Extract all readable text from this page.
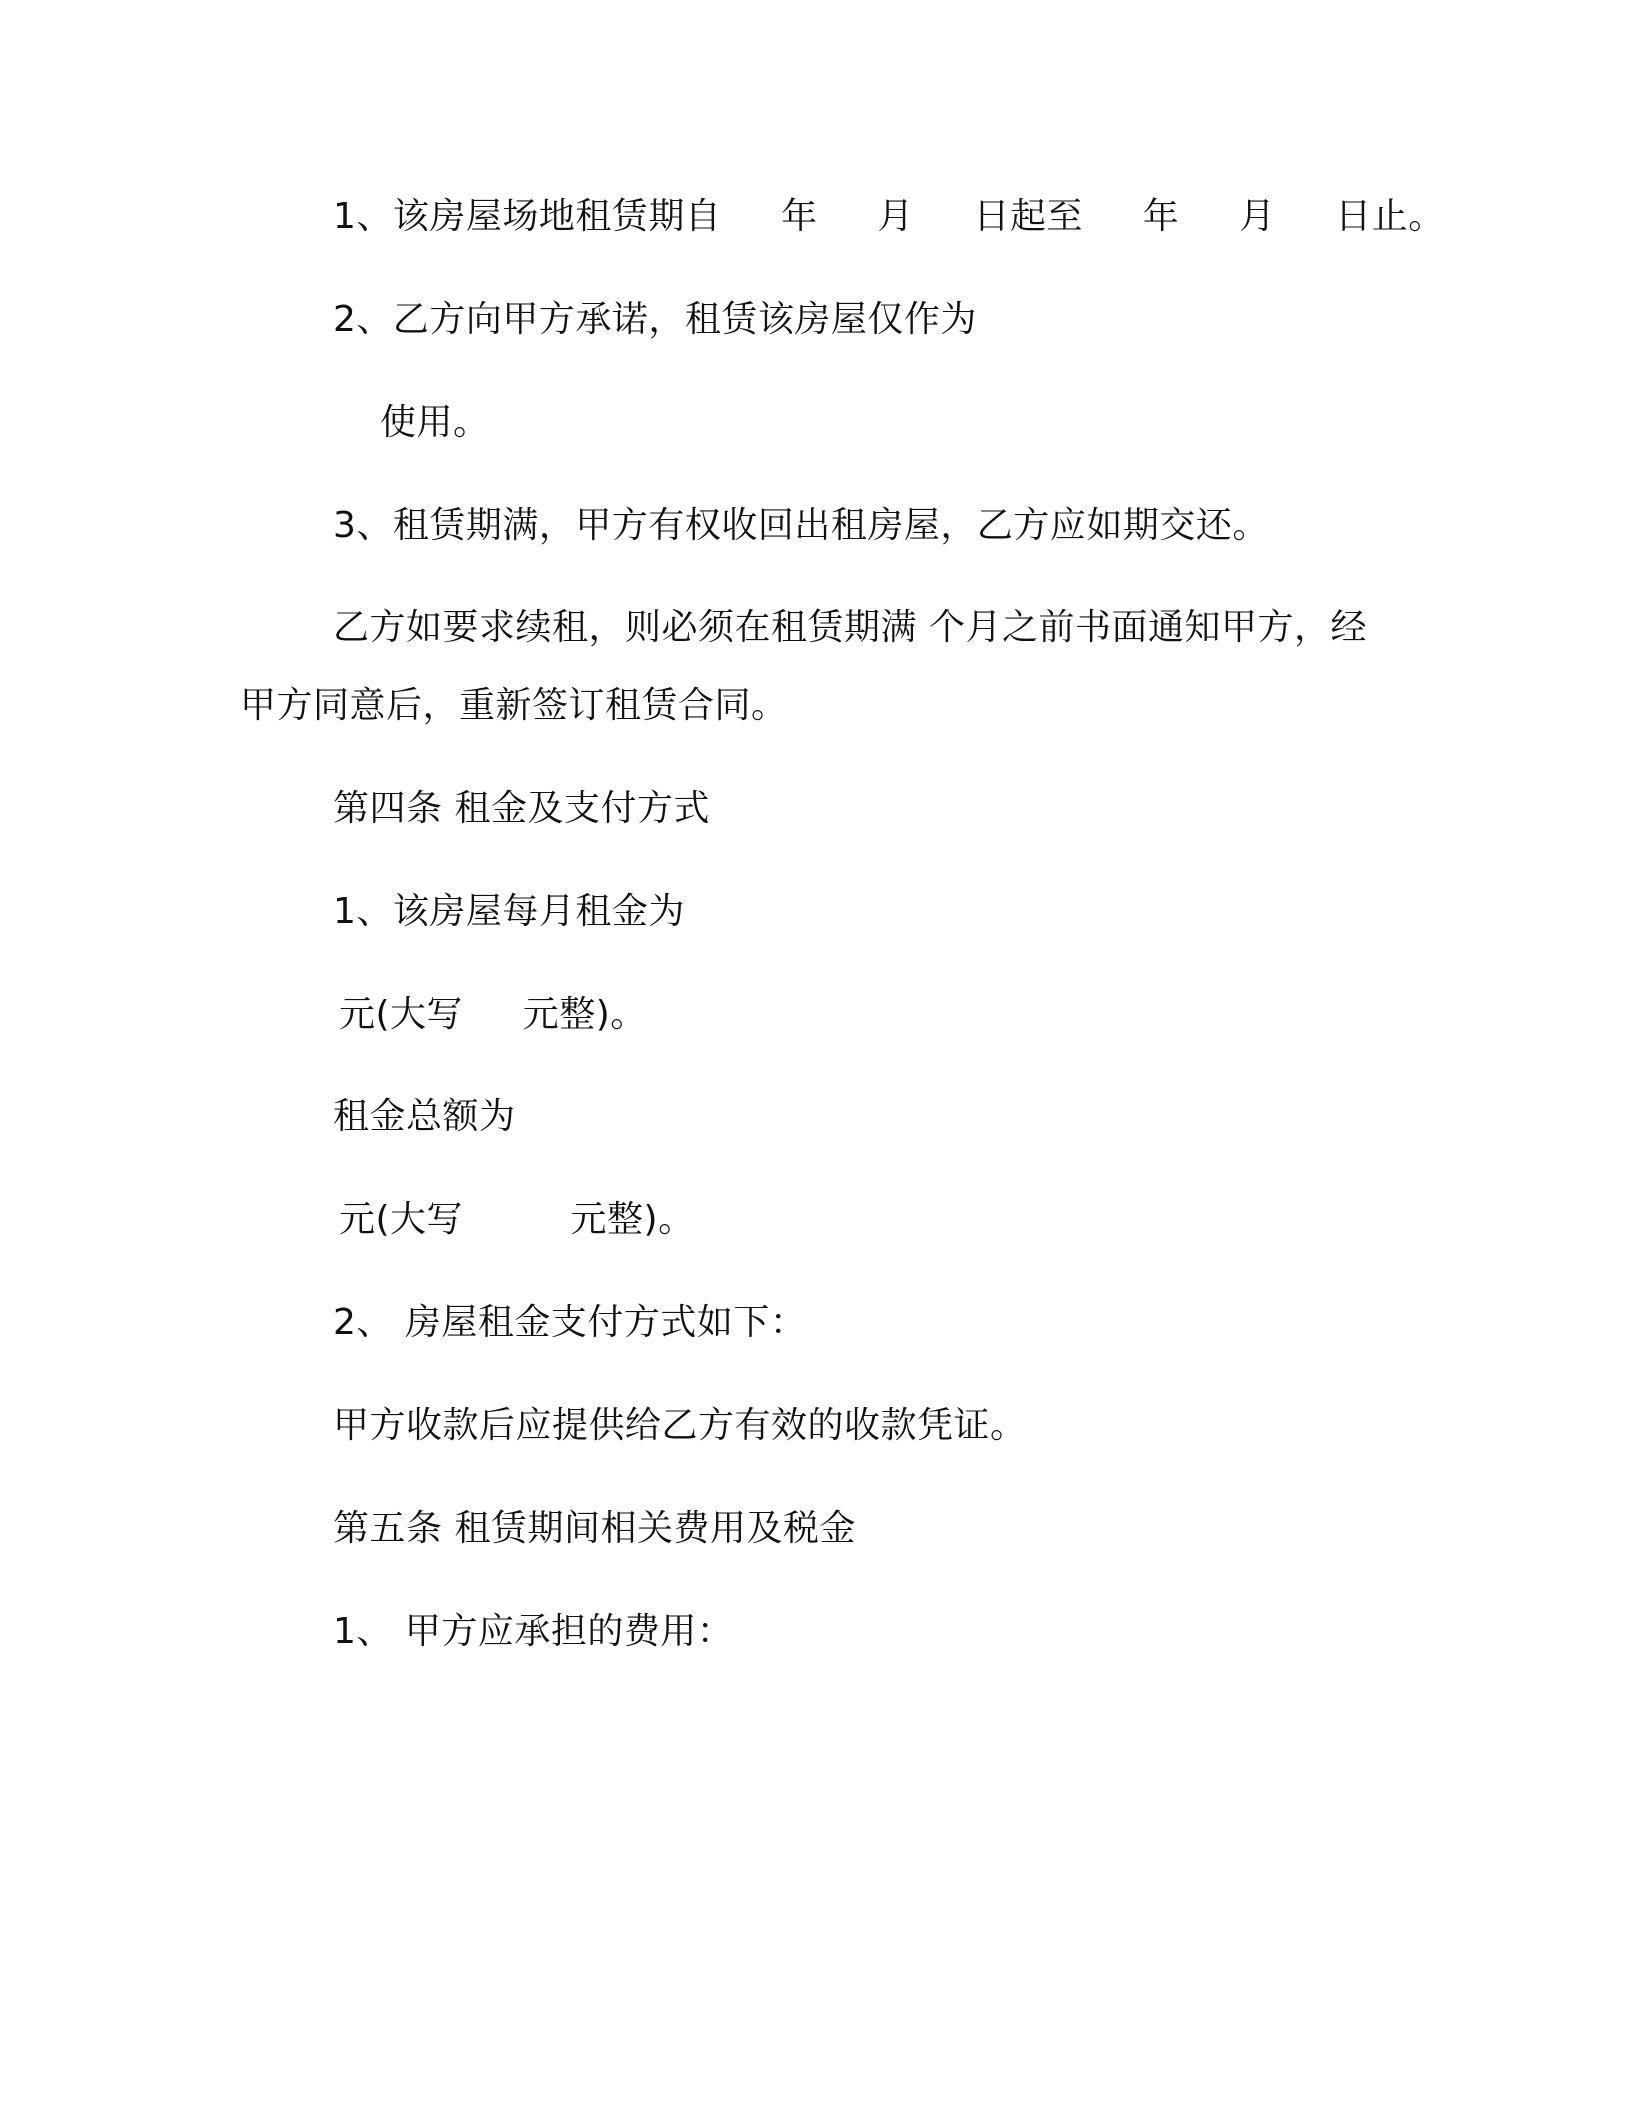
1、该房屋场地租赁期自     年     月     日起至     年     月     日止。
2、乙方向甲方承诺，租赁该房屋仅作为
使用。
3、租赁期满，甲方有权收回出租房屋，乙方应如期交还。
乙方如要求续租，则必须在租赁期满 个月之前书面通知甲方，经
甲方同意后，重新签订租赁合同。
第四条 租金及支付方式
1、该房屋每月租金为
元(大写     元整)。
租金总额为
元(大写         元整)。
2、 房屋租金支付方式如下：
甲方收款后应提供给乙方有效的收款凭证。
第五条 租赁期间相关费用及税金
1、 甲方应承担的费用：
